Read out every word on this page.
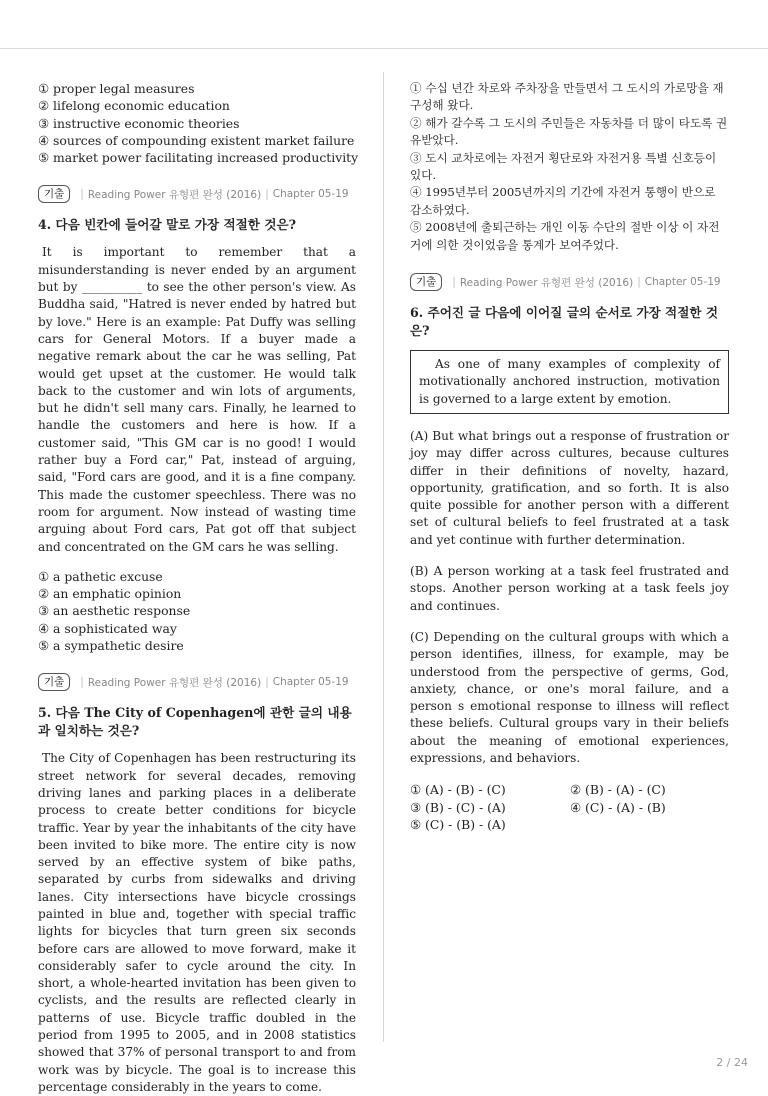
① proper legal measures
② lifelong economic education
③ instructive economic theories
④ sources of compounding existent market failure
⑤ market power facilitating increased productivity
기출	| Reading Power 유형편 완성 (2016) | Chapter 05-19
4. 다음 빈칸에 들어갈 말로 가장 적절한 것은?

It is important to remember that a misunderstanding is never ended by an argument but by __________ to see the other person's view. As Buddha said, "Hatred is never ended by hatred but by love." Here is an example: Pat Duffy was selling cars for General Motors. If a buyer made a negative remark about the car he was selling, Pat would get upset at the customer. He would talk back to the customer and win lots of arguments, but he didn't sell many cars. Finally, he learned to handle the customers and here is how. If a customer said, "This GM car is no good! I would rather buy a Ford car," Pat, instead of arguing, said, "Ford cars are good, and it is a fine company. This made the customer speechless. There was no room for argument. Now instead of wasting time arguing about Ford cars, Pat got off that subject and concentrated on the GM cars he was selling.

① a pathetic excuse
② an emphatic opinion
③ an aesthetic response
④ a sophisticated way
⑤ a sympathetic desire
기출	| Reading Power 유형편 완성 (2016) | Chapter 05-19
5. 다음 The City of Copenhagen에 관한 글의 내용과 일치하는 것은?

The City of Copenhagen has been restructuring its street network for several decades, removing driving lanes and parking places in a deliberate process to create better conditions for bicycle traffic. Year by year the inhabitants of the city have been invited to bike more. The entire city is now served by an effective system of bike paths, separated by curbs from sidewalks and driving lanes. City intersections have bicycle crossings painted in blue and, together with special traffic lights for bicycles that turn green six seconds before cars are allowed to move forward, make it considerably safer to cycle around the city. In short, a whole-hearted invitation has been given to cyclists, and the results are reflected clearly in patterns of use. Bicycle traffic doubled in the period from 1995 to 2005, and in 2008 statistics showed that 37% of personal transport to and from work was by bicycle. The goal is to increase this percentage considerably in the years to come.

① 수십 년간 차로와 주차장을 만들면서 그 도시의 가로망을 재구성해 왔다.
② 해가 갈수록 그 도시의 주민들은 자동차를 더 많이 타도록 권유받았다.
③ 도시 교차로에는 자전거 횡단로와 자전거용 특별 신호등이 있다.
④ 1995년부터 2005년까지의 기간에 자전거 통행이 반으로 감소하였다.
⑤ 2008년에 출퇴근하는 개인 이동 수단의 절반 이상 이 자전거에 의한 것이었음을 통계가 보여주었다.
기출	| Reading Power 유형편 완성 (2016) | Chapter 05-19
6. 주어진 글 다음에 이어질 글의 순서로 가장 적절한 것은?
As one of many examples of complexity of motivationally anchored instruction, motivation is governed to a large extent by emotion.

(A) But what brings out a response of frustration or joy may differ across cultures, because cultures differ in their definitions of novelty, hazard, opportunity, gratification, and so forth. It is also quite possible for another person with a different set of cultural beliefs to feel frustrated at a task and yet continue with further determination.

(B) A person working at a task feel frustrated and stops. Another person working at a task feels joy and continues.

(C) Depending on the cultural groups with which a person identifies, illness, for example, may be understood from the perspective of germs, God, anxiety, chance, or one's moral failure, and a person s emotional response to illness will reflect these beliefs. Cultural groups vary in their beliefs about the meaning of emotional experiences, expressions, and behaviors.

① (A) - (B) - (C)	② (B) - (A) - (C)
③ (B) - (C) - (A)	④ (C) - (A) - (B)
⑤ (C) - (B) - (A)
2 / 24
